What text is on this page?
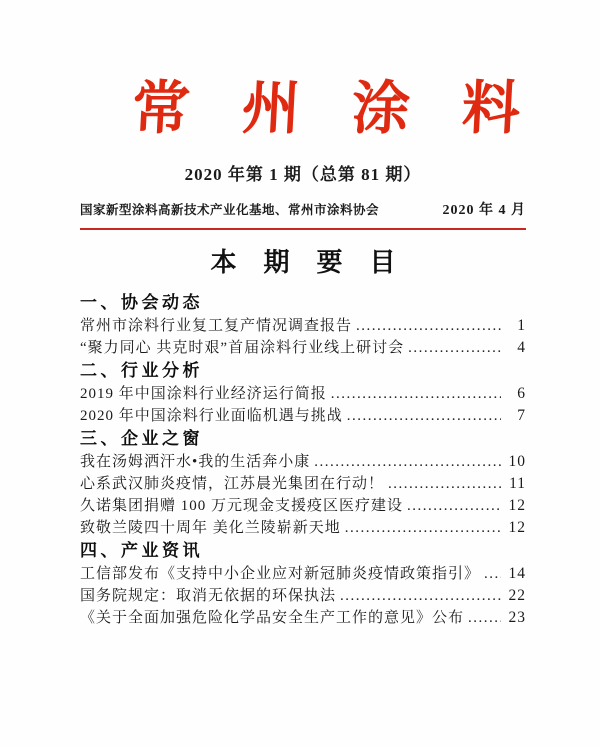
常州涂料
2020 年第 1 期（总第 81 期）
国家新型涂料高新技术产业化基地、常州市涂料协会	2020 年 4 月
本期要目
一、协会动态
常州市涂料行业复工复产情况调查报告 .....	1
“聚力同心 共克时艰”首届涂料行业线上研讨会 .....	4
二、行业分析
2019 年中国涂料行业经济运行简报 .....	6
2020 年中国涂料行业面临机遇与挑战 .....	7
三、企业之窗
我在汤姆洒汗水•我的生活奔小康 .....	10
心系武汉肺炎疫情，江苏晨光集团在行动！ .....	11
久诺集团捐赠 100 万元现金支援疫区医疗建设 .....	12
致敬兰陵四十周年 美化兰陵崭新天地 .....	12
四、产业资讯
工信部发布《支持中小企业应对新冠肺炎疫情政策指引》 ..... 14
国务院规定：取消无依据的环保执法 .....	22
《关于全面加强危险化学品安全生产工作的意见》公布 .....	23
